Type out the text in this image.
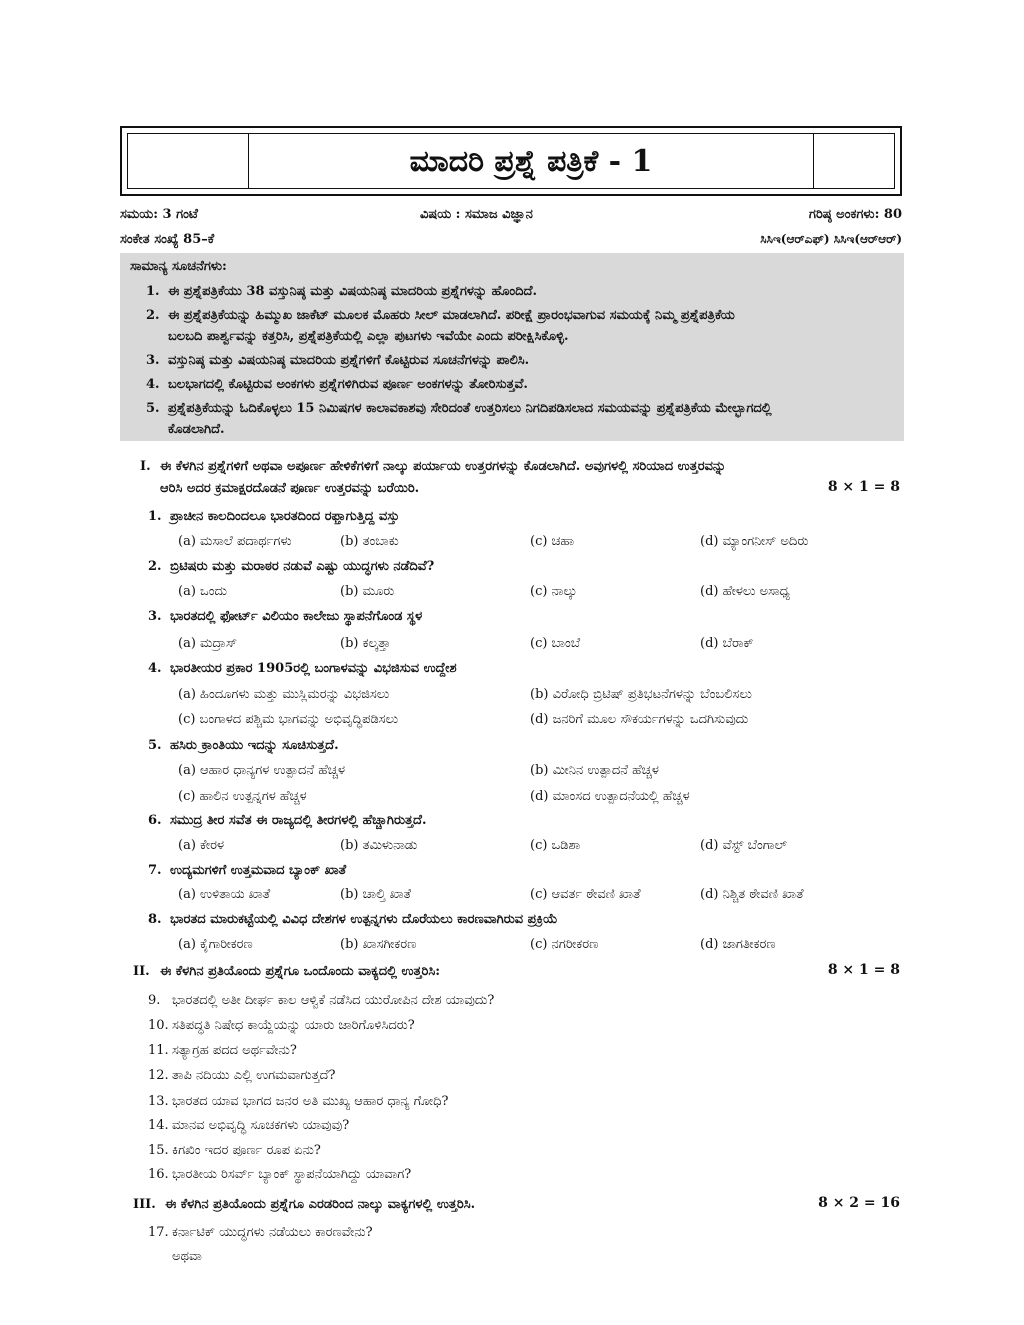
ಮಾದರಿ ಪ್ರಶ್ನೆ ಪತ್ರಿಕೆ - 1
ಸಮಯ: 3 ಗಂಟೆ	ವಿಷಯ : ಸಮಾಜ ವಿಜ್ಞಾನ	ಗರಿಷ್ಠ ಅಂಕಗಳು: 80
ಸಂಕೇತ ಸಂಖ್ಯೆ 85–ಕೆ	ಸಿಸಿಇ(ಆರ್‌ಎಫ್) ಸಿಸಿಇ(ಆರ್‌ಆರ್)
ಸಾಮಾನ್ಯ ಸೂಚನೆಗಳು:
1. ಈ ಪ್ರಶ್ನೆಪತ್ರಿಕೆಯು 38 ವಸ್ತುನಿಷ್ಠ ಮತ್ತು ವಿಷಯನಿಷ್ಠ ಮಾದರಿಯ ಪ್ರಶ್ನೆಗಳನ್ನು ಹೊಂದಿದೆ.
2. ಈ ಪ್ರಶ್ನೆಪತ್ರಿಕೆಯನ್ನು ಹಿಮ್ಮುಖ ಜಾಕೆಟ್ ಮೂಲಕ ಮೊಹರು ಸೀಲ್ ಮಾಡಲಾಗಿದೆ. ಪರೀಕ್ಷೆ ಪ್ರಾರಂಭವಾಗುವ ಸಮಯಕ್ಕೆ ನಿಮ್ಮ ಪ್ರಶ್ನೆಪತ್ರಿಕೆಯ
ಬಲಬದಿ ಪಾರ್ಶ್ವವನ್ನು ಕತ್ತರಿಸಿ, ಪ್ರಶ್ನೆಪತ್ರಿಕೆಯಲ್ಲಿ ಎಲ್ಲಾ ಪುಟಗಳು ಇವೆಯೇ ಎಂದು ಪರೀಕ್ಷಿಸಿಕೊಳ್ಳಿ.
3. ವಸ್ತುನಿಷ್ಠ ಮತ್ತು ವಿಷಯನಿಷ್ಠ ಮಾದರಿಯ ಪ್ರಶ್ನೆಗಳಿಗೆ ಕೊಟ್ಟಿರುವ ಸೂಚನೆಗಳನ್ನು ಪಾಲಿಸಿ.
4. ಬಲಭಾಗದಲ್ಲಿ ಕೊಟ್ಟಿರುವ ಅಂಕಗಳು ಪ್ರಶ್ನೆಗಳಿಗಿರುವ ಪೂರ್ಣ ಅಂಕಗಳನ್ನು ತೋರಿಸುತ್ತವೆ.
5. ಪ್ರಶ್ನೆಪತ್ರಿಕೆಯನ್ನು ಓದಿಕೊಳ್ಳಲು 15 ನಿಮಿಷಗಳ ಕಾಲಾವಕಾಶವು ಸೇರಿದಂತೆ ಉತ್ತರಿಸಲು ನಿಗದಿಪಡಿಸಲಾದ ಸಮಯವನ್ನು ಪ್ರಶ್ನೆಪತ್ರಿಕೆಯ ಮೇಲ್ಭಾಗದಲ್ಲಿ
ಕೊಡಲಾಗಿದೆ.
I. ಈ ಕೆಳಗಿನ ಪ್ರಶ್ನೆಗಳಿಗೆ ಅಥವಾ ಅಪೂರ್ಣ ಹೇಳಿಕೆಗಳಿಗೆ ನಾಲ್ಕು ಪರ್ಯಾಯ ಉತ್ತರಗಳನ್ನು ಕೊಡಲಾಗಿದೆ. ಅವುಗಳಲ್ಲಿ ಸರಿಯಾದ ಉತ್ತರವನ್ನು
ಆರಿಸಿ ಅದರ ಕ್ರಮಾಕ್ಷರದೊಡನೆ ಪೂರ್ಣ ಉತ್ತರವನ್ನು ಬರೆಯಿರಿ.	8 × 1 = 8
1. ಪ್ರಾಚೀನ ಕಾಲದಿಂದಲೂ ಭಾರತದಿಂದ ರಫ್ತಾಗುತ್ತಿದ್ದ ವಸ್ತು
(a) ಮಸಾಲೆ ಪದಾರ್ಥಗಳು	(b) ತಂಬಾಕು	(c) ಚಹಾ	(d) ಮ್ಯಾಂಗನೀಸ್ ಅದಿರು
2. ಬ್ರಿಟಿಷರು ಮತ್ತು ಮರಾಠರ ನಡುವೆ ಎಷ್ಟು ಯುದ್ಧಗಳು ನಡೆದಿವೆ?
(a) ಒಂದು	(b) ಮೂರು	(c) ನಾಲ್ಕು	(d) ಹೇಳಲು ಅಸಾಧ್ಯ
3. ಭಾರತದಲ್ಲಿ ಫೋರ್ಟ್ ವಿಲಿಯಂ ಕಾಲೇಜು ಸ್ಥಾಪನೆಗೊಂಡ ಸ್ಥಳ
(a) ಮದ್ರಾಸ್	(b) ಕಲ್ಕತ್ತಾ	(c) ಬಾಂಬೆ	(d) ಬೆರಾಕ್
4. ಭಾರತೀಯರ ಪ್ರಕಾರ 1905ರಲ್ಲಿ ಬಂಗಾಳವನ್ನು ವಿಭಜಿಸುವ ಉದ್ದೇಶ
(a) ಹಿಂದೂಗಳು ಮತ್ತು ಮುಸ್ಲಿಮರನ್ನು ವಿಭಜಿಸಲು	(b) ವಿರೋಧಿ ಬ್ರಿಟಿಷ್ ಪ್ರತಿಭಟನೆಗಳನ್ನು ಬೆಂಬಲಿಸಲು
(c) ಬಂಗಾಳದ ಪಶ್ಚಿಮ ಭಾಗವನ್ನು ಅಭಿವೃದ್ಧಿಪಡಿಸಲು	(d) ಜನರಿಗೆ ಮೂಲ ಸೌಕರ್ಯಗಳನ್ನು ಒದಗಿಸುವುದು
5. ಹಸಿರು ಕ್ರಾಂತಿಯು ಇದನ್ನು ಸೂಚಿಸುತ್ತದೆ.
(a) ಆಹಾರ ಧಾನ್ಯಗಳ ಉತ್ಪಾದನೆ ಹೆಚ್ಚಳ	(b) ಮೀನಿನ ಉತ್ಪಾದನೆ ಹೆಚ್ಚಳ
(c) ಹಾಲಿನ ಉತ್ಪನ್ನಗಳ ಹೆಚ್ಚಳ	(d) ಮಾಂಸದ ಉತ್ಪಾದನೆಯಲ್ಲಿ ಹೆಚ್ಚಳ
6. ಸಮುದ್ರ ತೀರ ಸವೆತ ಈ ರಾಜ್ಯದಲ್ಲಿ ತೀರಗಳಲ್ಲಿ ಹೆಚ್ಚಾಗಿರುತ್ತದೆ.
(a) ಕೇರಳ	(b) ತಮಿಳುನಾಡು	(c) ಒಡಿಶಾ	(d) ವೆಸ್ಟ್ ಬೆಂಗಾಲ್
7. ಉದ್ಯಮಗಳಿಗೆ ಉತ್ತಮವಾದ ಬ್ಯಾಂಕ್ ಖಾತೆ
(a) ಉಳಿತಾಯ ಖಾತೆ	(b) ಚಾಲ್ತಿ ಖಾತೆ	(c) ಆವರ್ತ ಠೇವಣಿ ಖಾತೆ	(d) ನಿಶ್ಚಿತ ಠೇವಣಿ ಖಾತೆ
8. ಭಾರತದ ಮಾರುಕಟ್ಟೆಯಲ್ಲಿ ವಿವಿಧ ದೇಶಗಳ ಉತ್ಪನ್ನಗಳು ದೊರೆಯಲು ಕಾರಣವಾಗಿರುವ ಪ್ರಕ್ರಿಯೆ
(a) ಕೈಗಾರೀಕರಣ	(b) ಖಾಸಗೀಕರಣ	(c) ನಗರೀಕರಣ	(d) ಜಾಗತೀಕರಣ
II. ಈ ಕೆಳಗಿನ ಪ್ರತಿಯೊಂದು ಪ್ರಶ್ನೆಗೂ ಒಂದೊಂದು ವಾಕ್ಯದಲ್ಲಿ ಉತ್ತರಿಸಿ:	8 × 1 = 8
9. ಭಾರತದಲ್ಲಿ ಅತೀ ದೀರ್ಘ ಕಾಲ ಆಳ್ವಿಕೆ ನಡೆಸಿದ ಯುರೋಪಿನ ದೇಶ ಯಾವುದು?
10. ಸತಿಪದ್ಧತಿ ನಿಷೇಧ ಕಾಯ್ದೆಯನ್ನು ಯಾರು ಜಾರಿಗೊಳಿಸಿದರು?
11. ಸತ್ಯಾಗ್ರಹ ಪದದ ಅರ್ಥವೇನು?
12. ತಾಪಿ ನದಿಯು ಎಲ್ಲಿ ಉಗಮವಾಗುತ್ತದೆ?
13. ಭಾರತದ ಯಾವ ಭಾಗದ ಜನರ ಅತಿ ಮುಖ್ಯ ಆಹಾರ ಧಾನ್ಯ ಗೋಧಿ?
14. ಮಾನವ ಅಭಿವೃದ್ಧಿ ಸೂಚಕಗಳು ಯಾವುವು?
15. ಕಿಗಖಿಂ ಇದರ ಪೂರ್ಣ ರೂಪ ಏನು?
16. ಭಾರತೀಯ ರಿಸರ್ವ್ ಬ್ಯಾಂಕ್ ಸ್ಥಾಪನೆಯಾಗಿದ್ದು ಯಾವಾಗ?
III. ಈ ಕೆಳಗಿನ ಪ್ರತಿಯೊಂದು ಪ್ರಶ್ನೆಗೂ ಎರಡರಿಂದ ನಾಲ್ಕು ವಾಕ್ಯಗಳಲ್ಲಿ ಉತ್ತರಿಸಿ.	8 × 2 = 16
17. ಕರ್ನಾಟಿಕ್ ಯುದ್ಧಗಳು ನಡೆಯಲು ಕಾರಣವೇನು?
ಅಥವಾ
